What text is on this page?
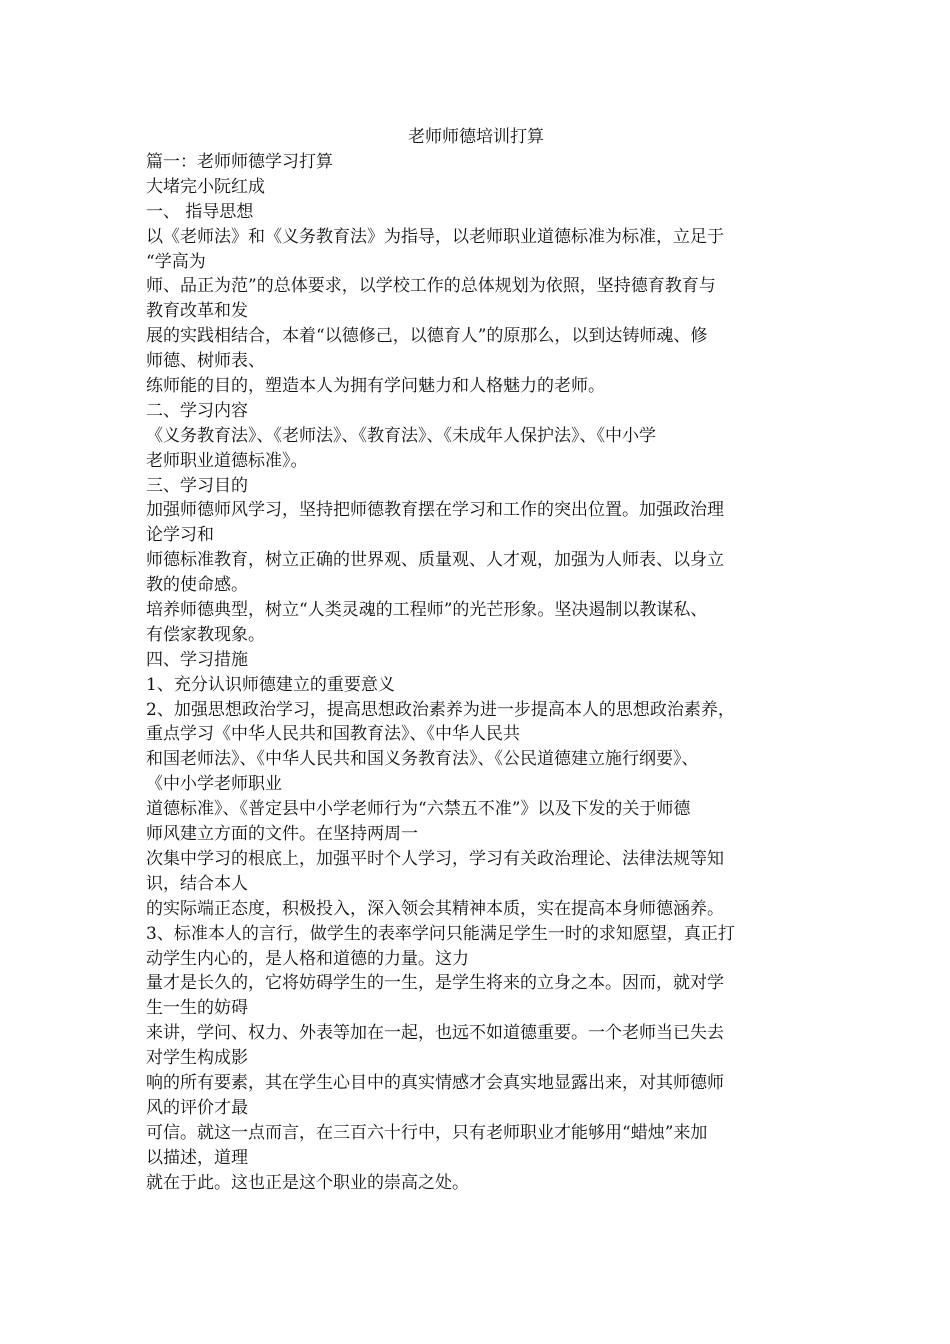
老师师德培训打算
篇一：老师师德学习打算
大堵完小阮红成
一、 指导思想
以《老师法》和《义务教育法》为指导，以老师职业道德标准为标准，立足于
“学高为
师、品正为范”的总体要求，以学校工作的总体规划为依照，坚持德育教育与
教育改革和发
展的实践相结合，本着“以德修己，以德育人”的原那么，以到达铸师魂、修
师德、树师表、
练师能的目的，塑造本人为拥有学问魅力和人格魅力的老师。
二、学习内容
《义务教育法》、《老师法》、《教育法》、《未成年人保护法》、《中小学
老师职业道德标准》。
三、学习目的
加强师德师风学习，坚持把师德教育摆在学习和工作的突出位置。加强政治理
论学习和
师德标准教育，树立正确的世界观、质量观、人才观，加强为人师表、以身立
教的使命感。
培养师德典型，树立“人类灵魂的工程师”的光芒形象。坚决遏制以教谋私、
有偿家教现象。
四、学习措施
1、充分认识师德建立的重要意义
2、加强思想政治学习，提高思想政治素养为进一步提高本人的思想政治素养，
重点学习《中华人民共和国教育法》、《中华人民共
和国老师法》、《中华人民共和国义务教育法》、《公民道德建立施行纲要》、
《中小学老师职业
道德标准》、《普定县中小学老师行为“六禁五不准”》以及下发的关于师德
师风建立方面的文件。在坚持两周一
次集中学习的根底上，加强平时个人学习，学习有关政治理论、法律法规等知
识，结合本人
的实际端正态度，积极投入，深入领会其精神本质，实在提高本身师德涵养。
3、标准本人的言行，做学生的表率学问只能满足学生一时的求知愿望，真正打
动学生内心的，是人格和道德的力量。这力
量才是长久的，它将妨碍学生的一生，是学生将来的立身之本。因而，就对学
生一生的妨碍
来讲，学问、权力、外表等加在一起，也远不如道德重要。一个老师当已失去
对学生构成影
响的所有要素，其在学生心目中的真实情感才会真实地显露出来，对其师德师
风的评价才最
可信。就这一点而言，在三百六十行中，只有老师职业才能够用“蜡烛”来加
以描述，道理
就在于此。这也正是这个职业的崇高之处。
